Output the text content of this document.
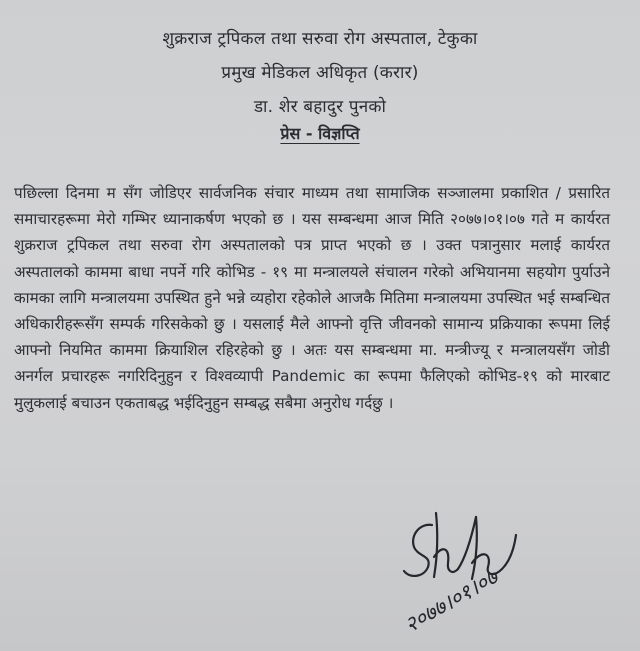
शुक्रराज ट्रपिकल तथा सरुवा रोग अस्पताल, टेकुका
प्रमुख मेडिकल अधिकृत (करार)
डा. शेर बहादुर पुनको
प्रेस - विज्ञप्ति
पछिल्ला दिनमा म सँग जोडिएर सार्वजनिक संचार माध्यम तथा सामाजिक सञ्जालमा प्रकाशित / प्रसारित समाचारहरूमा मेरो गम्भिर ध्यानाकर्षण भएको छ । यस सम्बन्धमा आज मिति २०७७।०१।०७ गते म कार्यरत शुक्रराज ट्रपिकल तथा सरुवा रोग अस्पतालको पत्र प्राप्त भएको छ । उक्त पत्रानुसार मलाई कार्यरत अस्पतालको काममा बाधा नपर्ने गरि कोभिड - १९ मा मन्त्रालयले संचालन गरेको अभियानमा सहयोग पुर्याउने कामका लागि मन्त्रालयमा उपस्थित हुने भन्ने व्यहोरा रहेकोले आजकै मितिमा मन्त्रालयमा उपस्थित भई सम्बन्धित अधिकारीहरूसँग सम्पर्क गरिसकेको छु । यसलाई मैले आफ्नो वृत्ति जीवनको सामान्य प्रक्रियाका रूपमा लिई आफ्नो नियमित काममा क्रियाशिल रहिरहेको छु । अतः यस सम्बन्धमा मा. मन्त्रीज्यू र मन्त्रालयसँग जोडी अनर्गल प्रचारहरू नगरिदिनुहुन र विश्वव्यापी Pandemic का रूपमा फैलिएको कोभिड-१९ को मारबाट मुलुकलाई बचाउन एकताबद्ध भईदिनुहुन सम्बद्ध सबैमा अनुरोध गर्दछु ।
२०७७।०१।०७
